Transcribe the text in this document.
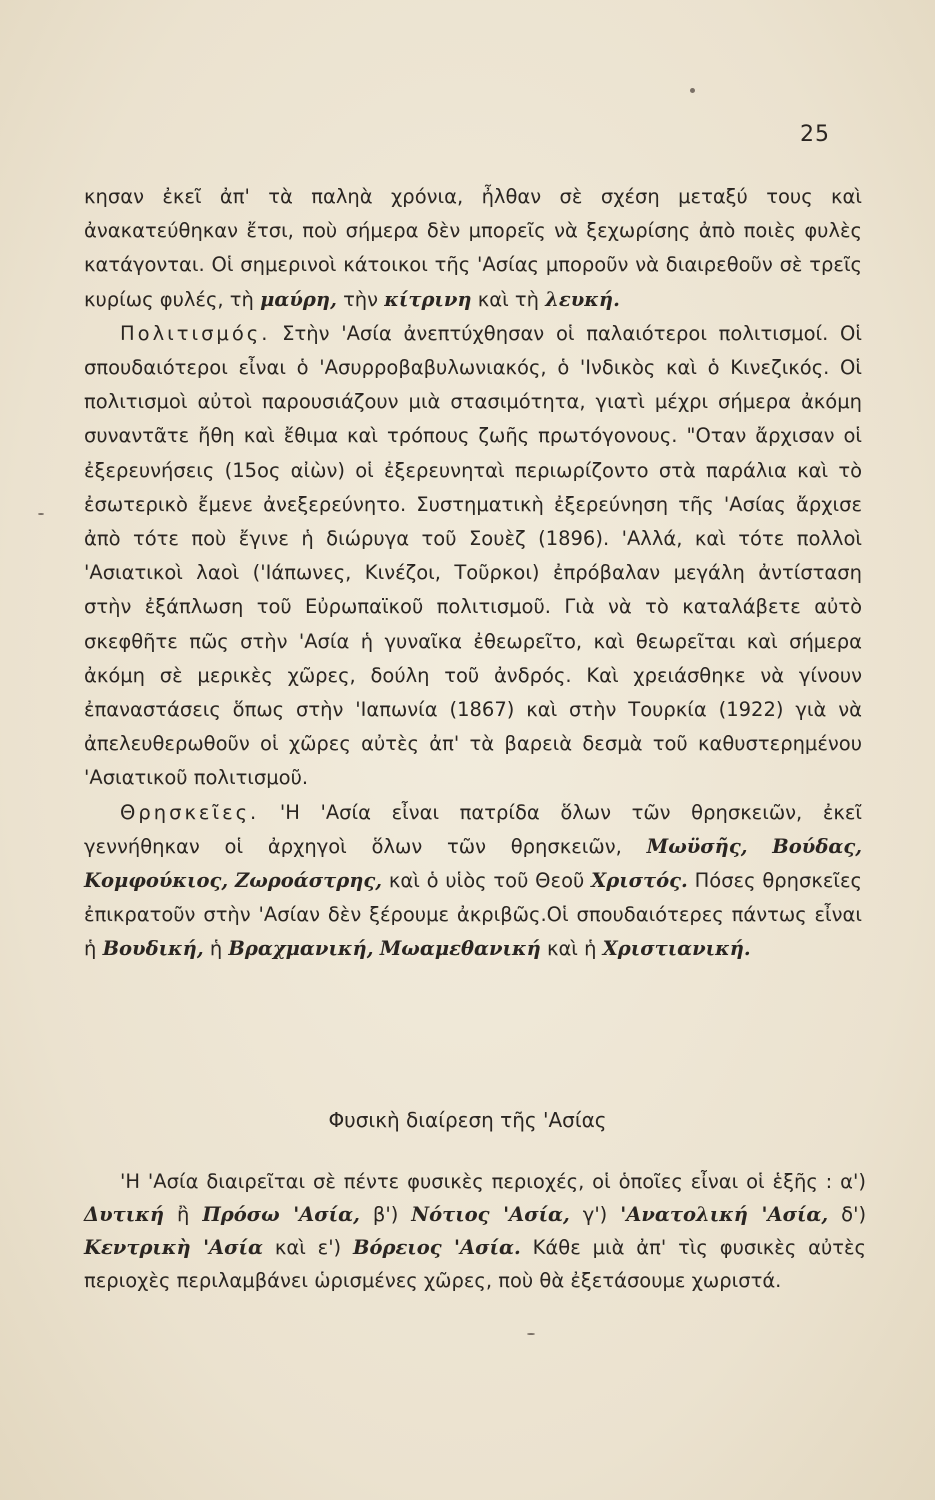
25

κησαν ἐκεῖ ἀπ' τὰ παληὰ χρόνια, ἦλθαν σὲ σχέση μεταξύ τους καὶ ἀνακατεύθηκαν ἔτσι, ποὺ σήμερα δὲν μπορεῖς νὰ ξεχωρίσης ἀπὸ ποιὲς φυλὲς κατάγονται. Οἱ σημερινοὶ κάτοικοι τῆς 'Ασίας μποροῦν νὰ διαιρεθοῦν σὲ τρεῖς κυρίως φυλές, τὴ μαύρη, τὴν κίτρινη καὶ τὴ λευκή.

Πολιτισμός. Στὴν 'Ασία ἀνεπτύχθησαν οἱ παλαιότεροι πολιτισμοί. Οἱ σπουδαιότεροι εἶναι ὁ 'Ασυρροβαβυλωνιακός, ὁ 'Ινδικὸς καὶ ὁ Κινεζικός. Οἱ πολιτισμοὶ αὐτοὶ παρουσιάζουν μιὰ στασιμότητα, γιατὶ μέχρι σήμερα ἀκόμη συναντᾶτε ἤθη καὶ ἔθιμα καὶ τρόπους ζωῆς πρωτόγονους. "Οταν ἄρχισαν οἱ ἐξερευνήσεις (15ος αἰὼν) οἱ ἐξερευνηταὶ περιωρίζοντο στὰ παράλια καὶ τὸ ἐσωτερικὸ ἔμενε ἀνεξερεύνητο. Συστηματικὴ ἐξερεύνηση τῆς 'Ασίας ἄρχισε ἀπὸ τότε ποὺ ἔγινε ἡ διώρυγα τοῦ Σουὲζ (1896). 'Αλλά, καὶ τότε πολλοὶ 'Ασιατικοὶ λαοὶ ('Ιάπωνες, Κινέζοι, Τοῦρκοι) ἐπρόβαλαν μεγάλη ἀντίσταση στὴν ἐξάπλωση τοῦ Εὐρωπαϊκοῦ πολιτισμοῦ. Γιὰ νὰ τὸ καταλάβετε αὐτὸ σκεφθῆτε πῶς στὴν 'Ασία ἡ γυναῖκα ἐθεωρεῖτο, καὶ θεωρεῖται καὶ σήμερα ἀκόμη σὲ μερικὲς χῶρες, δούλη τοῦ ἀνδρός. Καὶ χρειάσθηκε νὰ γίνουν ἐπαναστάσεις ὅπως στὴν 'Ιαπωνία (1867) καὶ στὴν Τουρκία (1922) γιὰ νὰ ἀπελευθερωθοῦν οἱ χῶρες αὐτὲς ἀπ' τὰ βαρειὰ δεσμὰ τοῦ καθυστερημένου 'Ασιατικοῦ πολιτισμοῦ.

Θρησκεῖες. 'Η 'Ασία εἶναι πατρίδα ὅλων τῶν θρησκειῶν, ἐκεῖ γεννήθηκαν οἱ ἀρχηγοὶ ὅλων τῶν θρησκειῶν, Μωϋσῆς, Βούδας, Κομφούκιος, Ζωροάστρης, καὶ ὁ υἱὸς τοῦ Θεοῦ Χριστός. Πόσες θρησκεῖες ἐπικρατοῦν στὴν 'Ασίαν δὲν ξέρουμε ἀκριβῶς.Οἱ σπουδαιότερες πάντως εἶναι ἡ Βουδική, ἡ Βραχμανική, Μωαμεθανική καὶ ἡ Χριστιανική.

Φυσικὴ διαίρεση τῆς 'Ασίας

'Η 'Ασία διαιρεῖται σὲ πέντε φυσικὲς περιοχές, οἱ ὁποῖες εἶναι οἱ ἑξῆς : α') Δυτική ἢ Πρόσω 'Ασία, β') Νότιος 'Ασία, γ') 'Ανατολική 'Ασία, δ') Κεντρικὴ 'Ασία καὶ ε') Βόρειος 'Ασία. Κάθε μιὰ ἀπ' τὶς φυσικὲς αὐτὲς περιοχὲς περιλαμβάνει ὡρισμένες χῶρες, ποὺ θὰ ἐξετάσουμε χωριστά.
